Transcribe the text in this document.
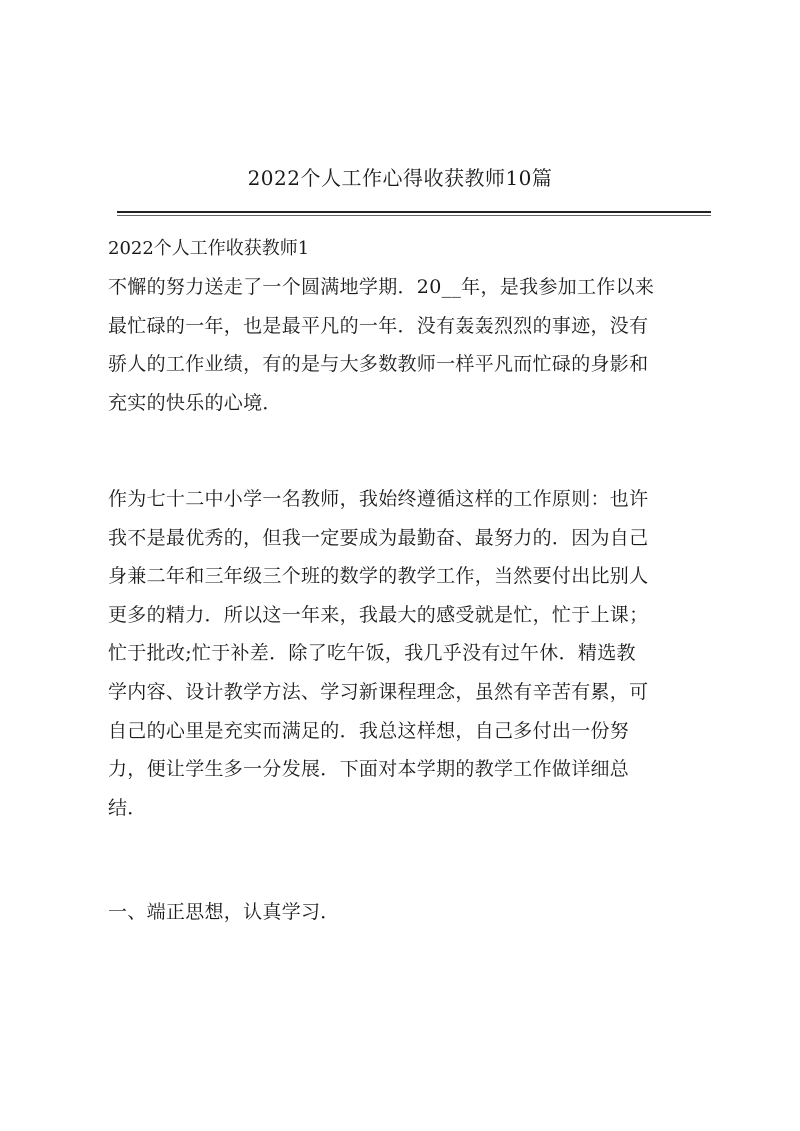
2022个人工作心得收获教师10篇
2022个人工作收获教师1
不懈的努力送走了一个圆满地学期．20__年，是我参加工作以来
最忙碌的一年，也是最平凡的一年．没有轰轰烈烈的事迹，没有
骄人的工作业绩，有的是与大多数教师一样平凡而忙碌的身影和
充实的快乐的心境．
作为七十二中小学一名教师，我始终遵循这样的工作原则：也许
我不是最优秀的，但我一定要成为最勤奋、最努力的．因为自己
身兼二年和三年级三个班的数学的教学工作，当然要付出比别人
更多的精力．所以这一年来，我最大的感受就是忙，忙于上课；
忙于批改;忙于补差．除了吃午饭，我几乎没有过午休．精选教
学内容、设计教学方法、学习新课程理念，虽然有辛苦有累，可
自己的心里是充实而满足的．我总这样想，自己多付出一份努
力，便让学生多一分发展．下面对本学期的教学工作做详细总
结．
一、端正思想，认真学习．
